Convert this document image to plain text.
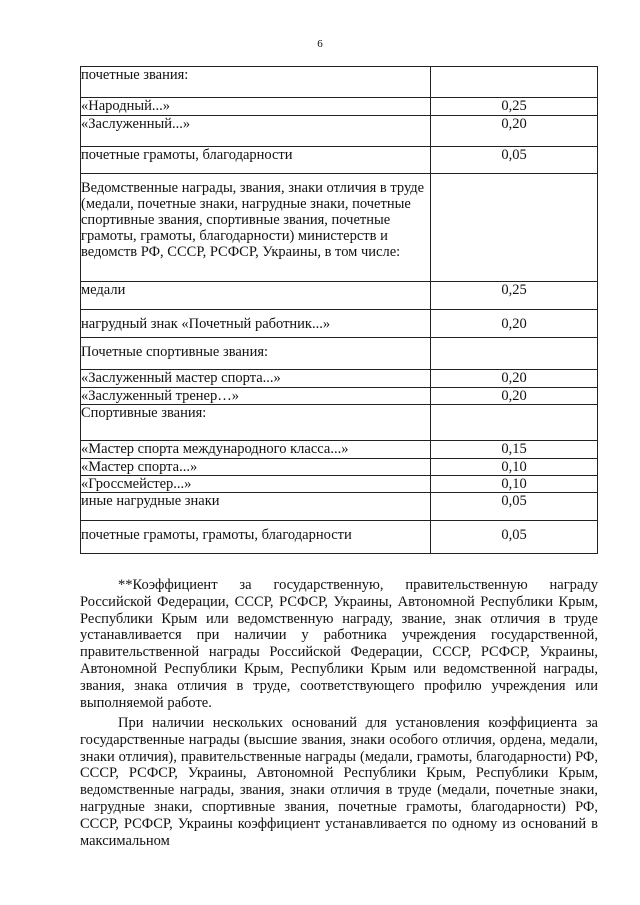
6
почетные звания:	
«Народный...»	0,25
«Заслуженный...»	0,20
почетные грамоты, благодарности	0,05
Ведомственные награды, звания, знаки отличия в труде (медали, почетные знаки, нагрудные знаки, почетные спортивные звания, спортивные звания, почетные грамоты, грамоты, благодарности) министерств и ведомств РФ, СССР, РСФСР, Украины, в том числе:	
медали	0,25
нагрудный знак «Почетный работник...»	0,20
Почетные спортивные звания:	
«Заслуженный мастер спорта...»	0,20
«Заслуженный тренер…»	0,20
Спортивные звания:	
«Мастер спорта международного класса...»	0,15
«Мастер спорта...»	0,10
«Гроссмейстер...»	0,10
иные нагрудные знаки	0,05
почетные грамоты, грамоты, благодарности	0,05

**Коэффициент за государственную, правительственную награду Российской Федерации, СССР, РСФСР, Украины, Автономной Республики Крым, Республики Крым или ведомственную награду, звание, знак отличия в труде устанавливается при наличии у работника учреждения государственной, правительственной награды Российской Федерации, СССР, РСФСР, Украины, Автономной Республики Крым, Республики Крым или ведомственной награды, звания, знака отличия в труде, соответствующего профилю учреждения или выполняемой работе.

При наличии нескольких оснований для установления коэффициента за государственные награды (высшие звания, знаки особого отличия, ордена, медали, знаки отличия), правительственные награды (медали, грамоты, благодарности) РФ, СССР, РСФСР, Украины, Автономной Республики Крым, Республики Крым, ведомственные награды, звания, знаки отличия в труде (медали, почетные знаки, нагрудные знаки, спортивные звания, почетные грамоты, благодарности) РФ, СССР, РСФСР, Украины коэффициент устанавливается по одному из оснований в максимальном
